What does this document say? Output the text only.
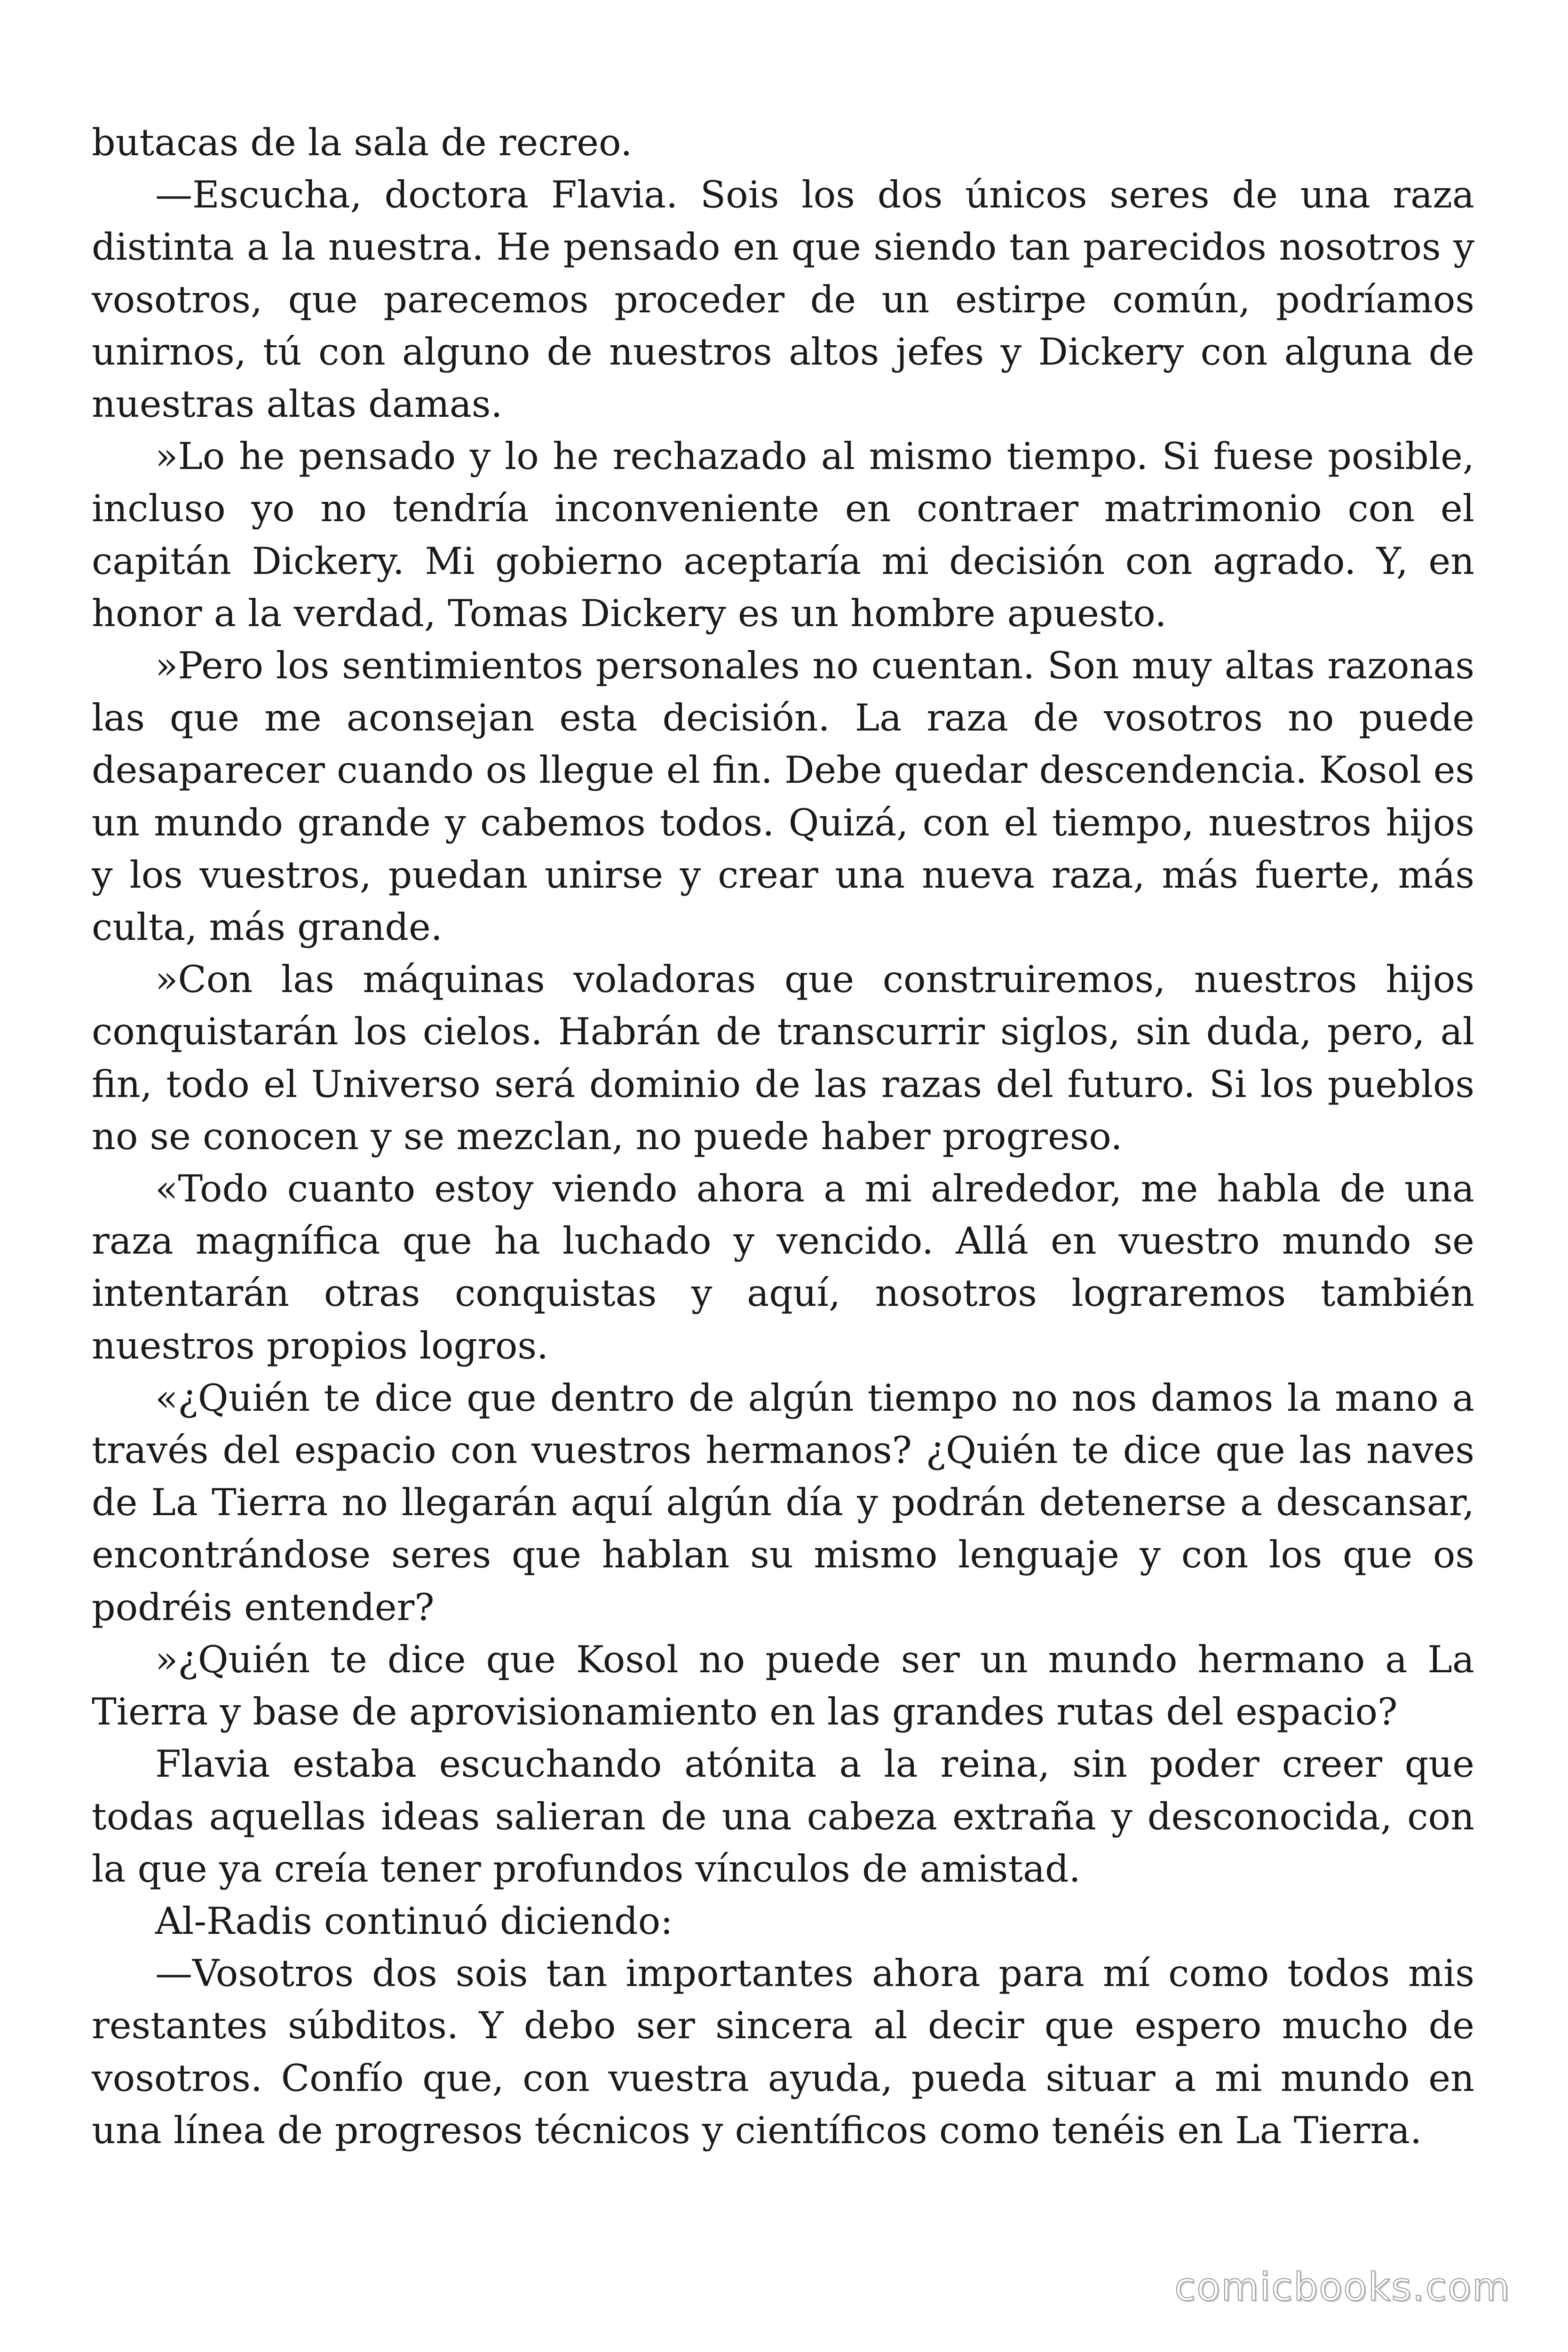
butacas de la sala de recreo.

—Escucha, doctora Flavia. Sois los dos únicos seres de una raza distinta a la nuestra. He pensado en que siendo tan parecidos nosotros y vosotros, que parecemos proceder de un estirpe común, podríamos unirnos, tú con alguno de nuestros altos jefes y Dickery con alguna de nuestras altas damas.

»Lo he pensado y lo he rechazado al mismo tiempo. Si fuese posible, incluso yo no tendría inconveniente en contraer matrimonio con el capitán Dickery. Mi gobierno aceptaría mi decisión con agrado. Y, en honor a la verdad, Tomas Dickery es un hombre apuesto.

»Pero los sentimientos personales no cuentan. Son muy altas razonas las que me aconsejan esta decisión. La raza de vosotros no puede desaparecer cuando os llegue el fin. Debe quedar descendencia. Kosol es un mundo grande y cabemos todos. Quizá, con el tiempo, nuestros hijos y los vuestros, puedan unirse y crear una nueva raza, más fuerte, más culta, más grande.

»Con las máquinas voladoras que construiremos, nuestros hijos conquistarán los cielos. Habrán de transcurrir siglos, sin duda, pero, al fin, todo el Universo será dominio de las razas del futuro. Si los pueblos no se conocen y se mezclan, no puede haber progreso.

«Todo cuanto estoy viendo ahora a mi alrededor, me habla de una raza magnífica que ha luchado y vencido. Allá en vuestro mundo se intentarán otras conquistas y aquí, nosotros lograremos también nuestros propios logros.

«¿Quién te dice que dentro de algún tiempo no nos damos la mano a través del espacio con vuestros hermanos? ¿Quién te dice que las naves de La Tierra no llegarán aquí algún día y podrán detenerse a descansar, encontrándose seres que hablan su mismo lenguaje y con los que os podréis entender?

»¿Quién te dice que Kosol no puede ser un mundo hermano a La Tierra y base de aprovisionamiento en las grandes rutas del espacio?

Flavia estaba escuchando atónita a la reina, sin poder creer que todas aquellas ideas salieran de una cabeza extraña y desconocida, con la que ya creía tener profundos vínculos de amistad.

Al-Radis continuó diciendo:

—Vosotros dos sois tan importantes ahora para mí como todos mis restantes súbditos. Y debo ser sincera al decir que espero mucho de vosotros. Confío que, con vuestra ayuda, pueda situar a mi mundo en una línea de progresos técnicos y científicos como tenéis en La Tierra.

comicbooks.com
